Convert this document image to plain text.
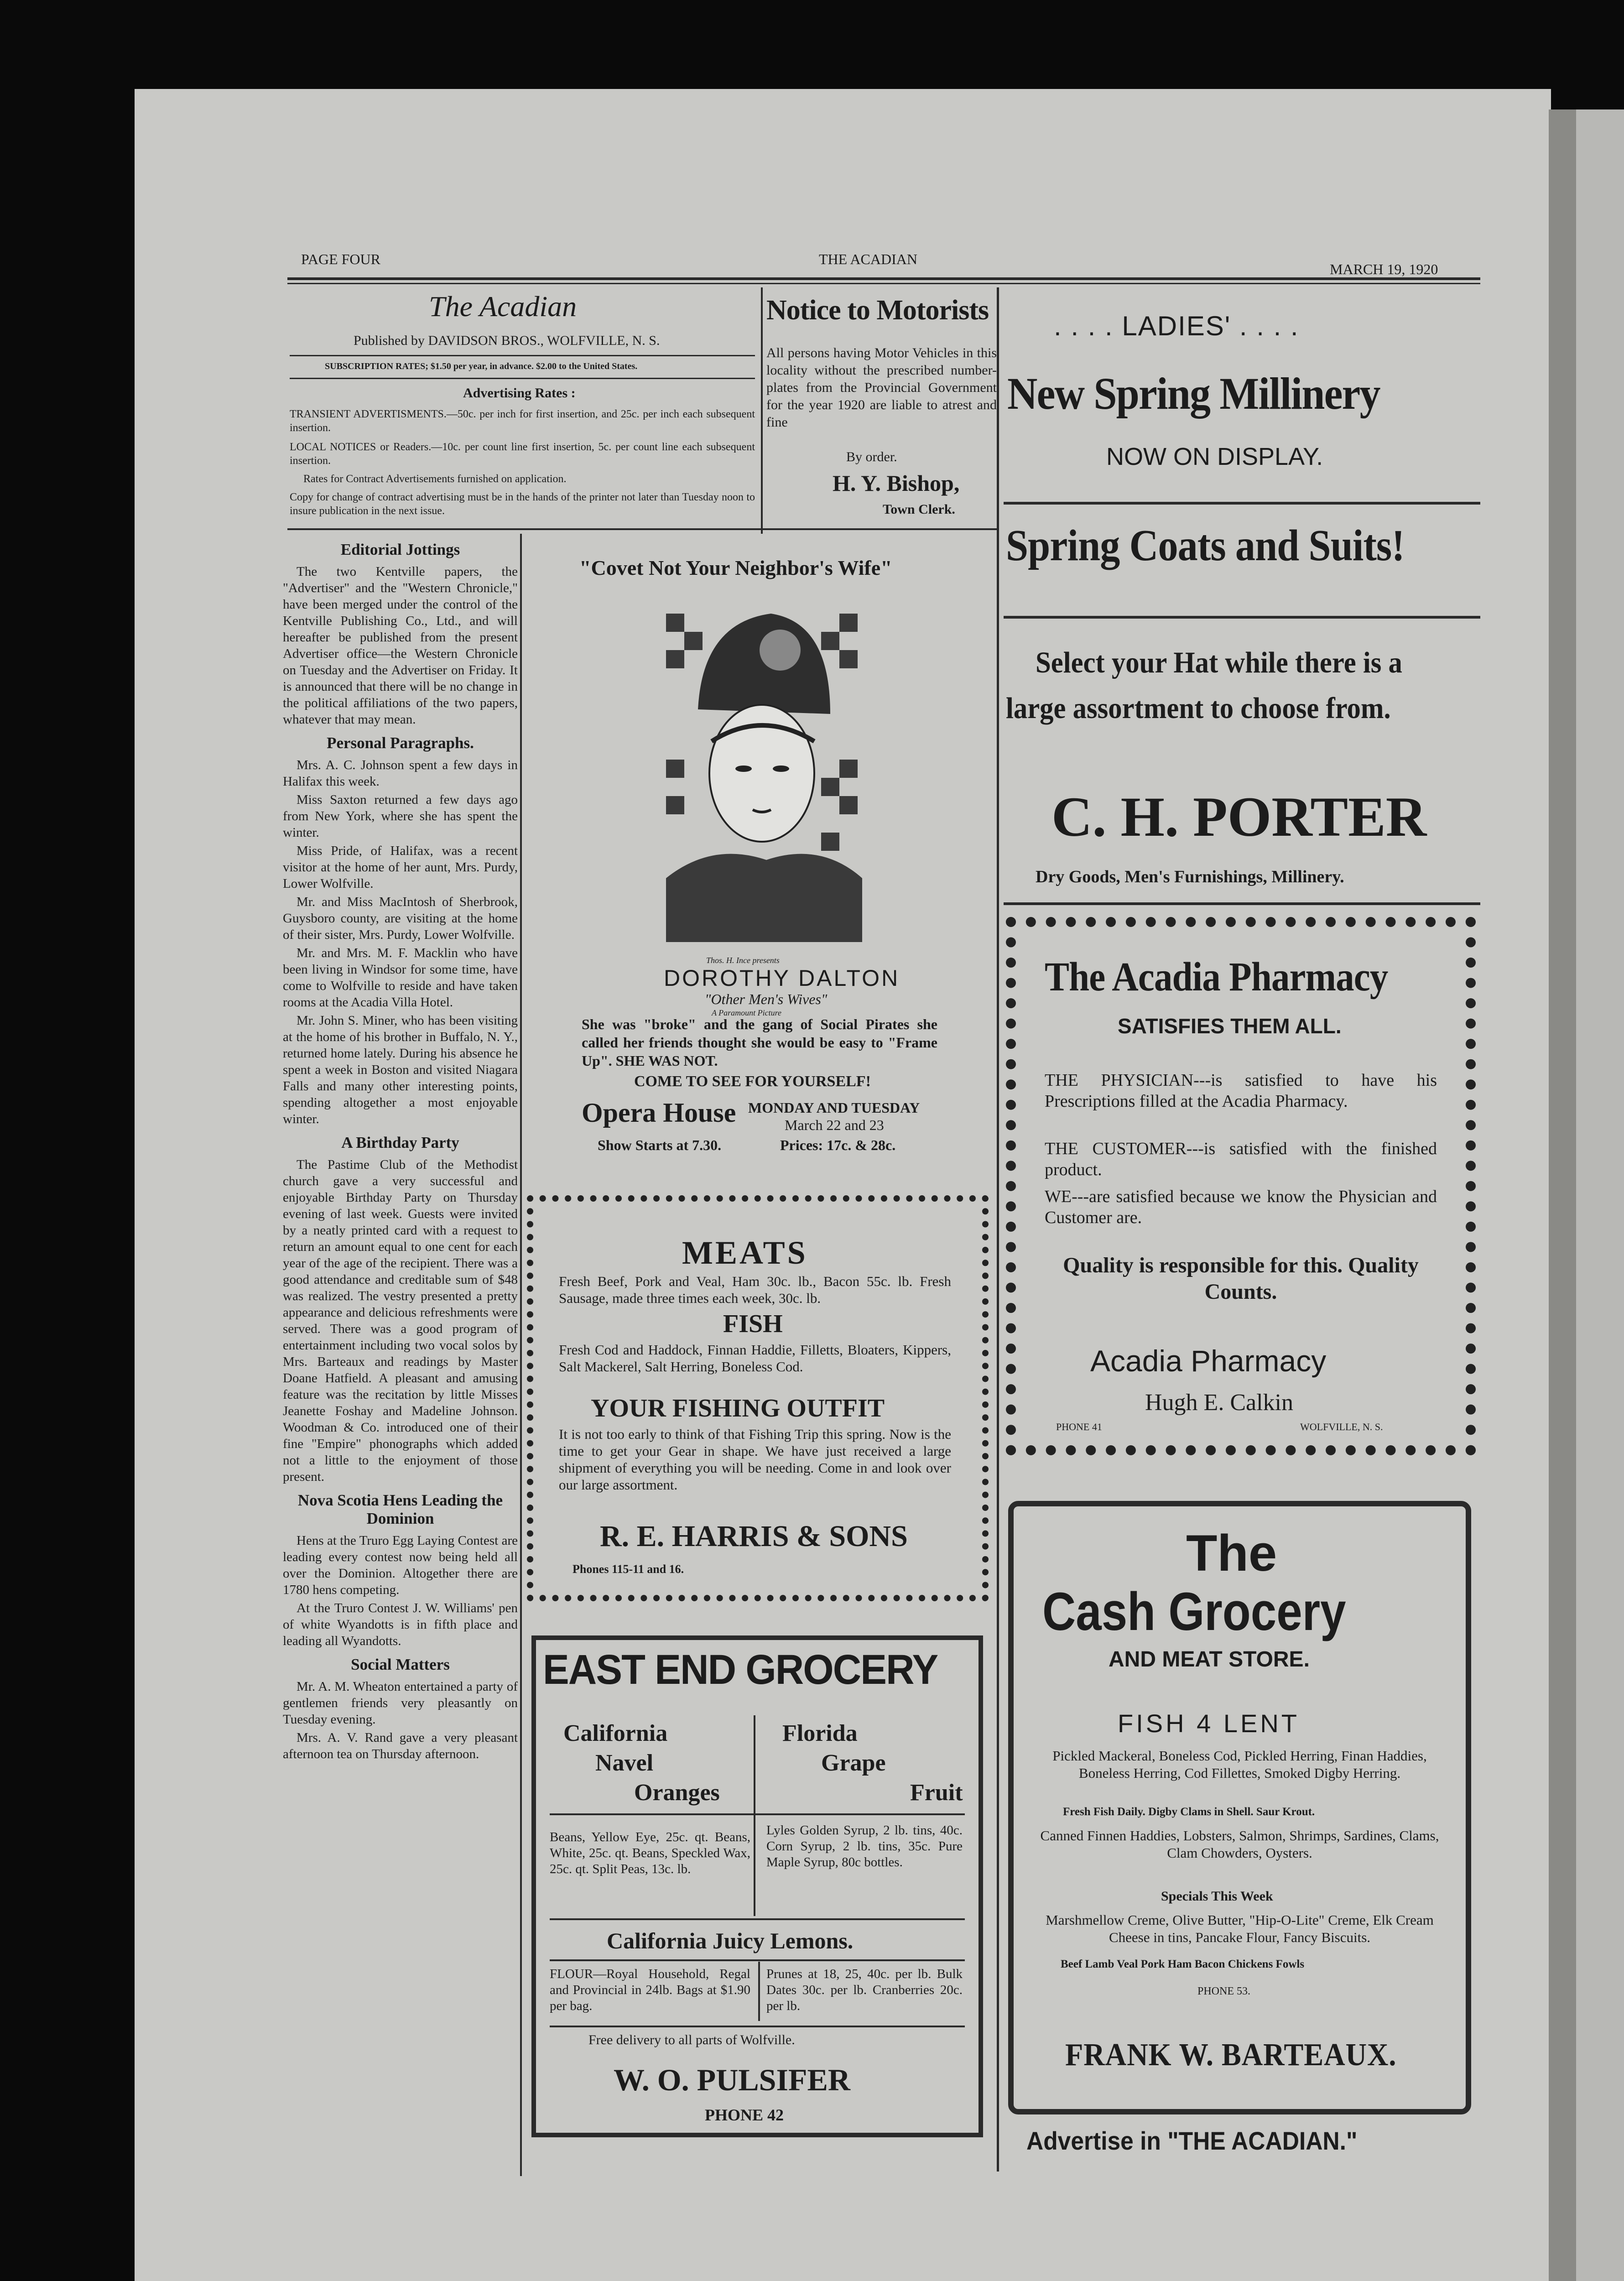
PAGE FOUR	THE ACADIAN

MARCH 19, 1920

The Acadian

Published by DAVIDSON BROS., WOLFVILLE, N. S.

SUBSCRIPTION RATES; $1.50 per year, in advance. $2.00 to the United States.

Advertising Rates :

TRANSIENT ADVERTISMENTS.—50c. per inch for first insertion, and 25c. per inch each subsequent insertion.

LOCAL NOTICES or Readers.—10c. per count line first insertion, 5c. per count line each subsequent insertion.

Rates for Contract Advertisements furnished on application.

Copy for change of contract advertising must be in the hands of the printer not later than Tuesday noon to insure publication in the next issue.

Notice to Motorists

All persons having Motor Vehicles in this locality without the prescribed number-plates from the Provincial Government for the year 1920 are liable to atrest and fine

By order.

H. Y. Bishop,

Town Clerk.

Editorial Jottings

The two Kentville papers, the "Advertiser" and the "Western Chronicle," have been merged under the control of the Kentville Publishing Co., Ltd., and will hereafter be published from the present Advertiser office—the Western Chronicle on Tuesday and the Advertiser on Friday. It is announced that there will be no change in the political affiliations of the two papers, whatever that may mean.

Personal Paragraphs.

Mrs. A. C. Johnson spent a few days in Halifax this week.

Miss Saxton returned a few days ago from New York, where she has spent the winter.

Miss Pride, of Halifax, was a recent visitor at the home of her aunt, Mrs. Purdy, Lower Wolfville.

Mr. and Miss MacIntosh of Sherbrook, Guysboro county, are visiting at the home of their sister, Mrs. Purdy, Lower Wolfville.

Mr. and Mrs. M. F. Macklin who have been living in Windsor for some time, have come to Wolfville to reside and have taken rooms at the Acadia Villa Hotel.

Mr. John S. Miner, who has been visiting at the home of his brother in Buffalo, N. Y., returned home lately. During his absence he spent a week in Boston and visited Niagara Falls and many other interesting points, spending altogether a most enjoyable winter.

A Birthday Party

The Pastime Club of the Methodist church gave a very successful and enjoyable Birthday Party on Thursday evening of last week. Guests were invited by a neatly printed card with a request to return an amount equal to one cent for each year of the age of the recipient. There was a good attendance and creditable sum of $48 was realized. The vestry presented a pretty appearance and delicious refreshments were served. There was a good program of entertainment including two vocal solos by Mrs. Barteaux and readings by Master Doane Hatfield. A pleasant and amusing feature was the recitation by little Misses Jeanette Foshay and Madeline Johnson. Woodman & Co. introduced one of their fine "Empire" phonographs which added not a little to the enjoyment of those present.

Nova Scotia Hens Leading the Dominion

Hens at the Truro Egg Laying Contest are leading every contest now being held all over the Dominion. Altogether there are 1780 hens competing.

At the Truro Contest J. W. Williams' pen of white Wyandotts is in fifth place and leading all Wyandotts.

Social Matters

Mr. A. M. Wheaton entertained a party of gentlemen friends very pleasantly on Tuesday evening.

Mrs. A. V. Rand gave a very pleasant afternoon tea on Thursday afternoon.

"Covet Not Your Neighbor's Wife"

Thos. H. Ince presents

DOROTHY DALTON

"Other Men's Wives"

A Paramount Picture

She was "broke" and the gang of Social Pirates she called her friends thought she would be easy to "Frame Up". SHE WAS NOT.

COME TO SEE FOR YOURSELF!

Opera House MONDAY AND TUESDAY

March 22 and 23

Show Starts at 7.30.	Prices: 17c. & 28c.

MEATS

Fresh Beef, Pork and Veal, Ham 30c. lb., Bacon 55c. lb. Fresh Sausage, made three times each week, 30c. lb.

FISH

Fresh Cod and Haddock, Finnan Haddie, Filletts, Bloaters, Kippers, Salt Mackerel, Salt Herring, Boneless Cod.

YOUR FISHING OUTFIT

It is not too early to think of that Fishing Trip this spring. Now is the time to get your Gear in shape. We have just received a large shipment of everything you will be needing. Come in and look over our large assortment.

R. E. HARRIS & SONS

Phones 115-11 and 16.

EAST END GROCERY

California

Navel

Oranges

Florida

Grape

Fruit

Beans, Yellow Eye, 25c. qt. Beans, White, 25c. qt. Beans, Speckled Wax, 25c. qt. Split Peas, 13c. lb.

Lyles Golden Syrup, 2 lb. tins, 40c. Corn Syrup, 2 lb. tins, 35c. Pure Maple Syrup, 80c bottles.

California Juicy Lemons.

FLOUR—Royal Household, Regal and Provincial in 24lb. Bags at $1.90 per bag.

Prunes at 18, 25, 40c. per lb. Bulk Dates 30c. per lb. Cranberries 20c. per lb.

Free delivery to all parts of Wolfville.

W. O. PULSIFER

PHONE 42

. . . . LADIES' . . . .

New Spring Millinery

NOW ON DISPLAY.

Spring Coats and Suits!

Select your Hat while there is a

large assortment to choose from.

C. H. PORTER

Dry Goods, Men's Furnishings, Millinery.

The Acadia Pharmacy

SATISFIES THEM ALL.

THE PHYSICIAN---is satisfied to have his Prescriptions filled at the Acadia Pharmacy.

THE CUSTOMER---is satisfied with the finished product.

WE---are satisfied because we know the Physician and Customer are.

Quality is responsible for this. Quality Counts.

Acadia Pharmacy

Hugh E. Calkin

PHONE 41	WOLFVILLE, N. S.

The

Cash Grocery

AND MEAT STORE.

FISH 4 LENT

Pickled Mackeral, Boneless Cod, Pickled Herring, Finan Haddies, Boneless Herring, Cod Fillettes, Smoked Digby Herring.

Fresh Fish Daily. Digby Clams in Shell. Saur Krout.

Canned Finnen Haddies, Lobsters, Salmon, Shrimps, Sardines, Clams, Clam Chowders, Oysters.

Specials This Week

Marshmellow Creme, Olive Butter, "Hip-O-Lite" Creme, Elk Cream Cheese in tins, Pancake Flour, Fancy Biscuits.

Beef Lamb Veal Pork Ham Bacon Chickens Fowls

PHONE 53.

FRANK W. BARTEAUX.

Advertise in "THE ACADIAN."
